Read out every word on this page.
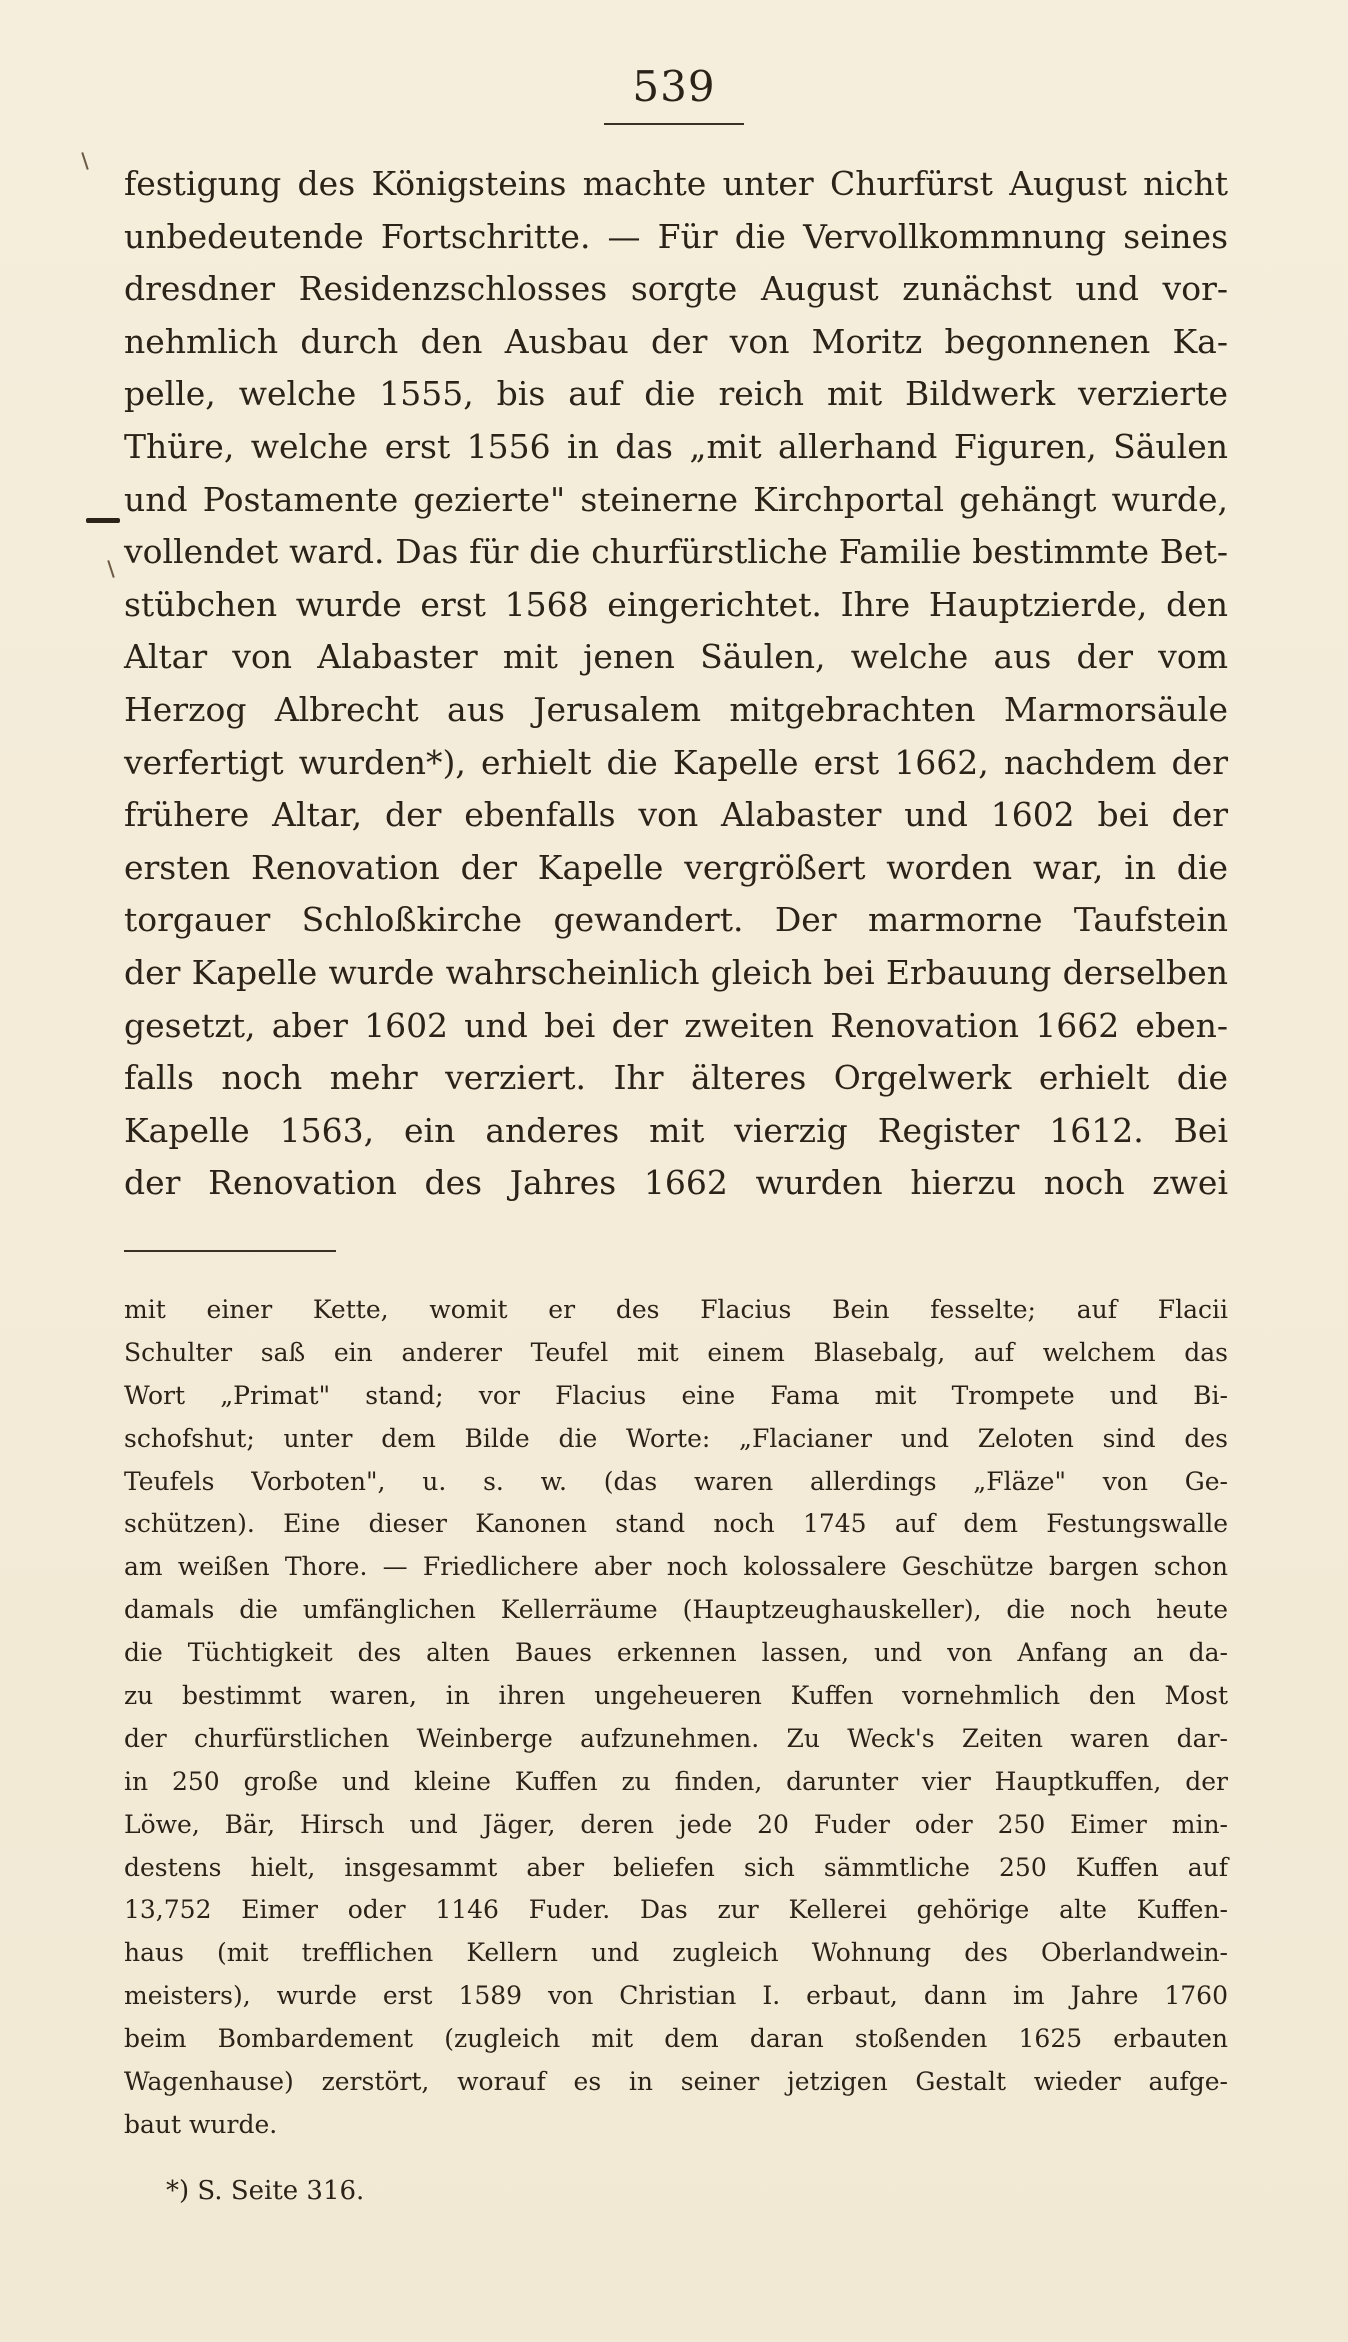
539
festigung des Königsteins machte unter Churfürst August nicht
unbedeutende Fortschritte. — Für die Vervollkommnung seines
dresdner Residenzschlosses sorgte August zunächst und vor-
nehmlich durch den Ausbau der von Moritz begonnenen Ka-
pelle, welche 1555, bis auf die reich mit Bildwerk verzierte
Thüre, welche erst 1556 in das „mit allerhand Figuren, Säulen
und Postamente gezierte" steinerne Kirchportal gehängt wurde,
vollendet ward. Das für die churfürstliche Familie bestimmte Bet-
stübchen wurde erst 1568 eingerichtet. Ihre Hauptzierde, den
Altar von Alabaster mit jenen Säulen, welche aus der vom
Herzog Albrecht aus Jerusalem mitgebrachten Marmorsäule
verfertigt wurden*), erhielt die Kapelle erst 1662, nachdem der
frühere Altar, der ebenfalls von Alabaster und 1602 bei der
ersten Renovation der Kapelle vergrößert worden war, in die
torgauer Schloßkirche gewandert. Der marmorne Taufstein
der Kapelle wurde wahrscheinlich gleich bei Erbauung derselben
gesetzt, aber 1602 und bei der zweiten Renovation 1662 eben-
falls noch mehr verziert. Ihr älteres Orgelwerk erhielt die
Kapelle 1563, ein anderes mit vierzig Register 1612. Bei
der Renovation des Jahres 1662 wurden hierzu noch zwei
mit einer Kette, womit er des Flacius Bein fesselte; auf Flacii
Schulter saß ein anderer Teufel mit einem Blasebalg, auf welchem das
Wort „Primat" stand; vor Flacius eine Fama mit Trompete und Bi-
schofshut; unter dem Bilde die Worte: „Flacianer und Zeloten sind des
Teufels Vorboten", u. s. w. (das waren allerdings „Fläze" von Ge-
schützen). Eine dieser Kanonen stand noch 1745 auf dem Festungswalle
am weißen Thore. — Friedlichere aber noch kolossalere Geschütze bargen schon
damals die umfänglichen Kellerräume (Hauptzeughauskeller), die noch heute
die Tüchtigkeit des alten Baues erkennen lassen, und von Anfang an da-
zu bestimmt waren, in ihren ungeheueren Kuffen vornehmlich den Most
der churfürstlichen Weinberge aufzunehmen. Zu Weck's Zeiten waren dar-
in 250 große und kleine Kuffen zu finden, darunter vier Hauptkuffen, der
Löwe, Bär, Hirsch und Jäger, deren jede 20 Fuder oder 250 Eimer min-
destens hielt, insgesammt aber beliefen sich sämmtliche 250 Kuffen auf
13,752 Eimer oder 1146 Fuder. Das zur Kellerei gehörige alte Kuffen-
haus (mit trefflichen Kellern und zugleich Wohnung des Oberlandwein-
meisters), wurde erst 1589 von Christian I. erbaut, dann im Jahre 1760
beim Bombardement (zugleich mit dem daran stoßenden 1625 erbauten
Wagenhause) zerstört, worauf es in seiner jetzigen Gestalt wieder aufge-
baut wurde.
*) S. Seite 316.
